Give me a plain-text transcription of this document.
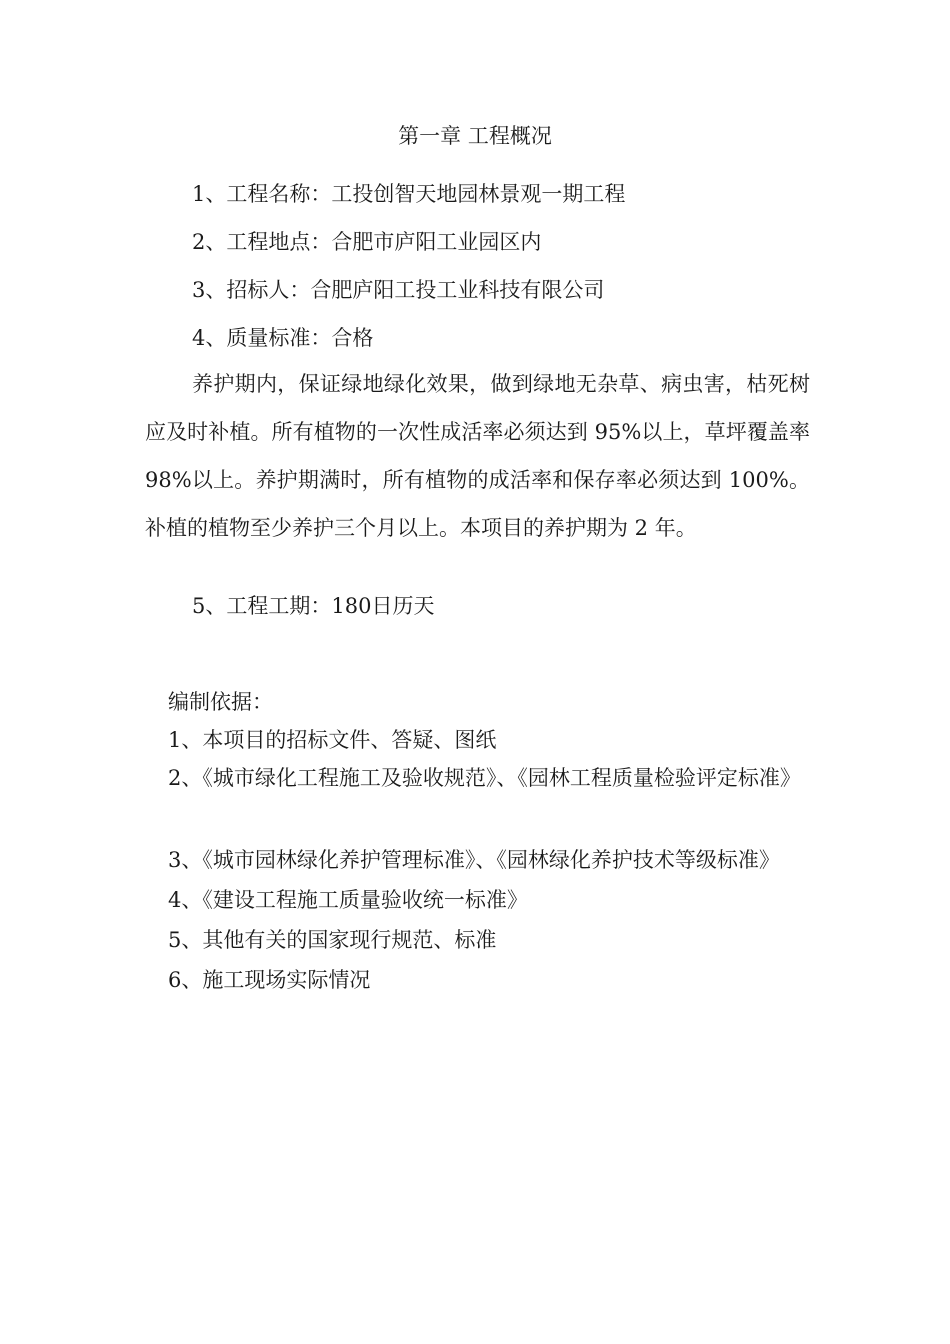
第一章 工程概况
1、工程名称：工投创智天地园林景观一期工程
2、工程地点：合肥市庐阳工业园区内
3、招标人：合肥庐阳工投工业科技有限公司
4、质量标准：合格
养护期内，保证绿地绿化效果，做到绿地无杂草、病虫害，枯死树应及时补植。所有植物的一次性成活率必须达到 95%以上，草坪覆盖率 98%以上。养护期满时，所有植物的成活率和保存率必须达到 100%。补植的植物至少养护三个月以上。本项目的养护期为 2 年。
5、工程工期：180日历天
编制依据：
1、本项目的招标文件、答疑、图纸
2、《城市绿化工程施工及验收规范》、《园林工程质量检验评定标准》
3、《城市园林绿化养护管理标准》、《园林绿化养护技术等级标准》
4、《建设工程施工质量验收统一标准》
5、其他有关的国家现行规范、标准
6、施工现场实际情况
